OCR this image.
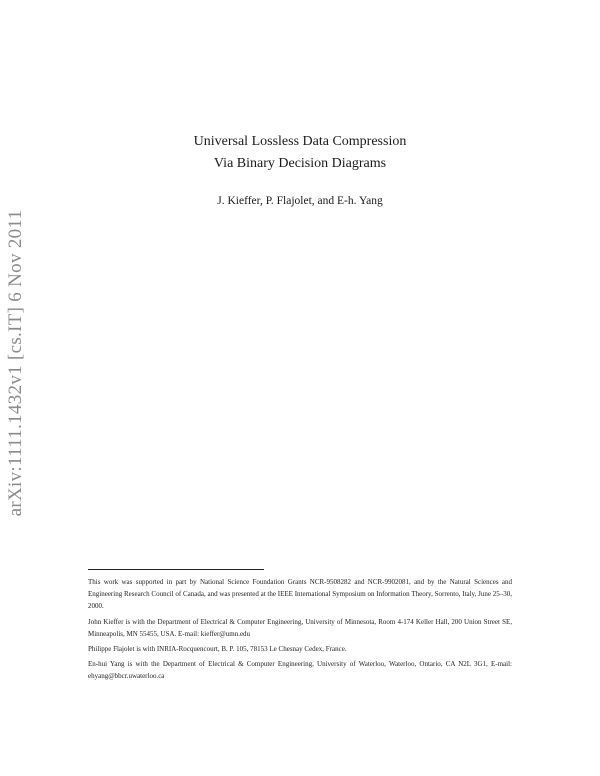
arXiv:1111.1432v1 [cs.IT] 6 Nov 2011
Universal Lossless Data Compression
Via Binary Decision Diagrams
J. Kieffer, P. Flajolet, and E-h. Yang

This work was supported in part by National Science Foundation Grants NCR-9508282 and NCR-9902081, and by the Natural Sciences and Engineering Research Council of Canada, and was presented at the IEEE International Symposium on Information Theory, Sorrento, Italy, June 25–30, 2000.

John Kieffer is with the Department of Electrical & Computer Engineering, University of Minnesota, Room 4-174 Keller Hall, 200 Union Street SE, Minneapolis, MN 55455, USA. E-mail: kieffer@umn.edu

Philippe Flajolet is with INRIA-Rocquencourt, B. P. 105, 78153 Le Chesnay Cedex, France.

En-hui Yang is with the Department of Electrical & Computer Engineering, University of Waterloo, Waterloo, Ontario, CA N2L 3G1, E-mail: ehyang@bbcr.uwaterloo.ca
